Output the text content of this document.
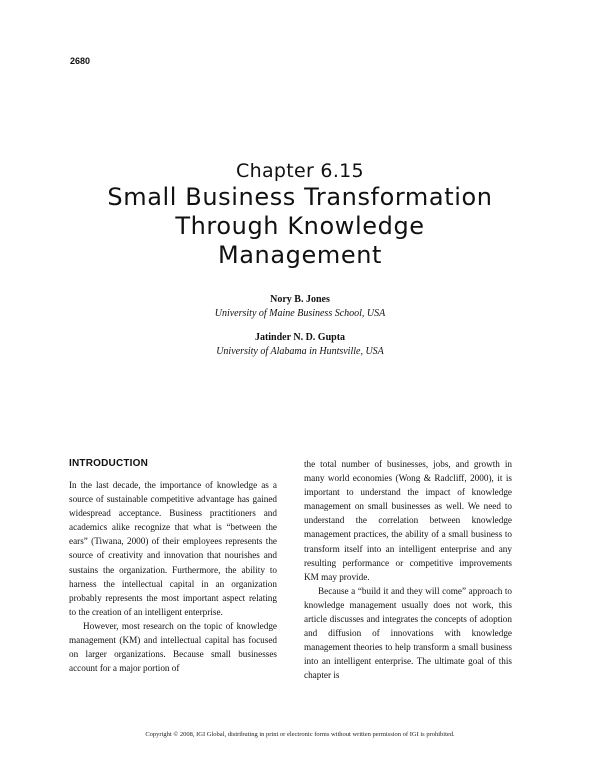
2680
Chapter 6.15
Small Business Transformation
Through Knowledge
Management
Nory B. Jones
University of Maine Business School, USA
Jatinder N. D. Gupta
University of Alabama in Huntsville, USA
INTRODUCTION

In the last decade, the importance of knowledge as a source of sustainable competitive advantage has gained widespread acceptance. Business practitioners and academics alike recognize that what is “between the ears” (Tiwana, 2000) of their employees represents the source of creativity and innovation that nourishes and sustains the organization. Furthermore, the ability to harness the intellectual capital in an organization probably represents the most important aspect relating to the creation of an intelligent enterprise.

However, most research on the topic of knowledge management (KM) and intellectual capital has focused on larger organizations. Because small businesses account for a major portion of

the total number of businesses, jobs, and growth in many world economies (Wong & Radcliff, 2000), it is important to understand the impact of knowledge management on small businesses as well. We need to understand the correlation between knowledge management practices, the ability of a small business to transform itself into an intelligent enterprise and any resulting performance or competitive improvements KM may provide.

Because a “build it and they will come” approach to knowledge management usually does not work, this article discusses and integrates the concepts of adoption and diffusion of innovations with knowledge management theories to help transform a small business into an intelligent enterprise. The ultimate goal of this chapter is

Copyright © 2008, IGI Global, distributing in print or electronic forms without written permission of IGI is prohibited.
